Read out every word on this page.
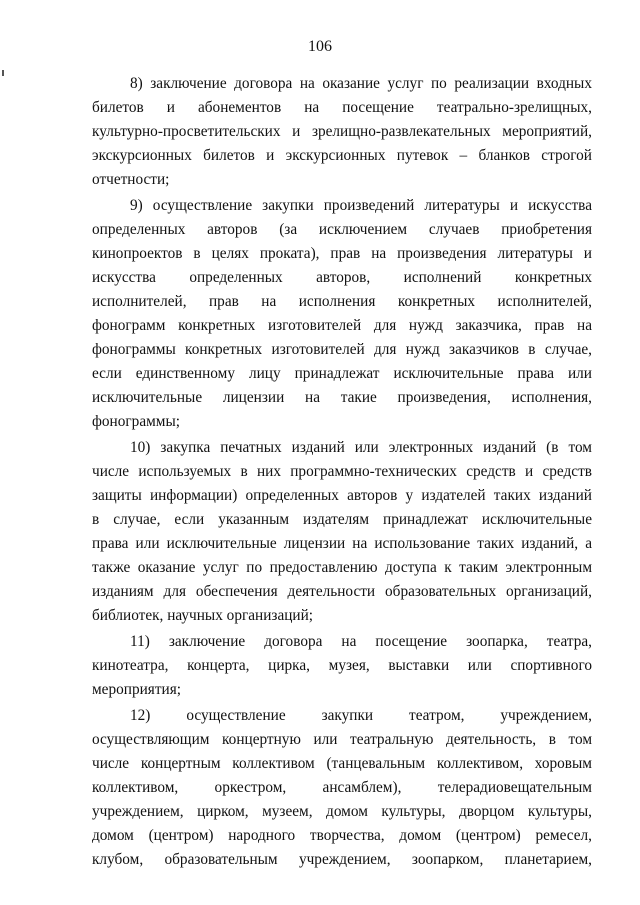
106

8) заключение договора на оказание услуг по реализации входных
билетов и абонементов на посещение театрально-зрелищных,
культурно-просветительских и зрелищно-развлекательных мероприятий,
экскурсионных билетов и экскурсионных путевок – бланков строгой
отчетности;

9) осуществление закупки произведений литературы и искусства
определенных авторов (за исключением случаев приобретения
кинопроектов в целях проката), прав на произведения литературы и
искусства определенных авторов, исполнений конкретных
исполнителей, прав на исполнения конкретных исполнителей,
фонограмм конкретных изготовителей для нужд заказчика, прав на
фонограммы конкретных изготовителей для нужд заказчиков в случае,
если единственному лицу принадлежат исключительные права или
исключительные лицензии на такие произведения, исполнения,
фонограммы;

10) закупка печатных изданий или электронных изданий (в том
числе используемых в них программно-технических средств и средств
защиты информации) определенных авторов у издателей таких изданий
в случае, если указанным издателям принадлежат исключительные
права или исключительные лицензии на использование таких изданий, а
также оказание услуг по предоставлению доступа к таким электронным
изданиям для обеспечения деятельности образовательных организаций,
библиотек, научных организаций;

11) заключение договора на посещение зоопарка, театра,
кинотеатра, концерта, цирка, музея, выставки или спортивного
мероприятия;

12) осуществление закупки театром, учреждением,
осуществляющим концертную или театральную деятельность, в том
числе концертным коллективом (танцевальным коллективом, хоровым
коллективом, оркестром, ансамблем), телерадиовещательным
учреждением, цирком, музеем, домом культуры, дворцом культуры,
домом (центром) народного творчества, домом (центром) ремесел,
клубом, образовательным учреждением, зоопарком, планетарием,
